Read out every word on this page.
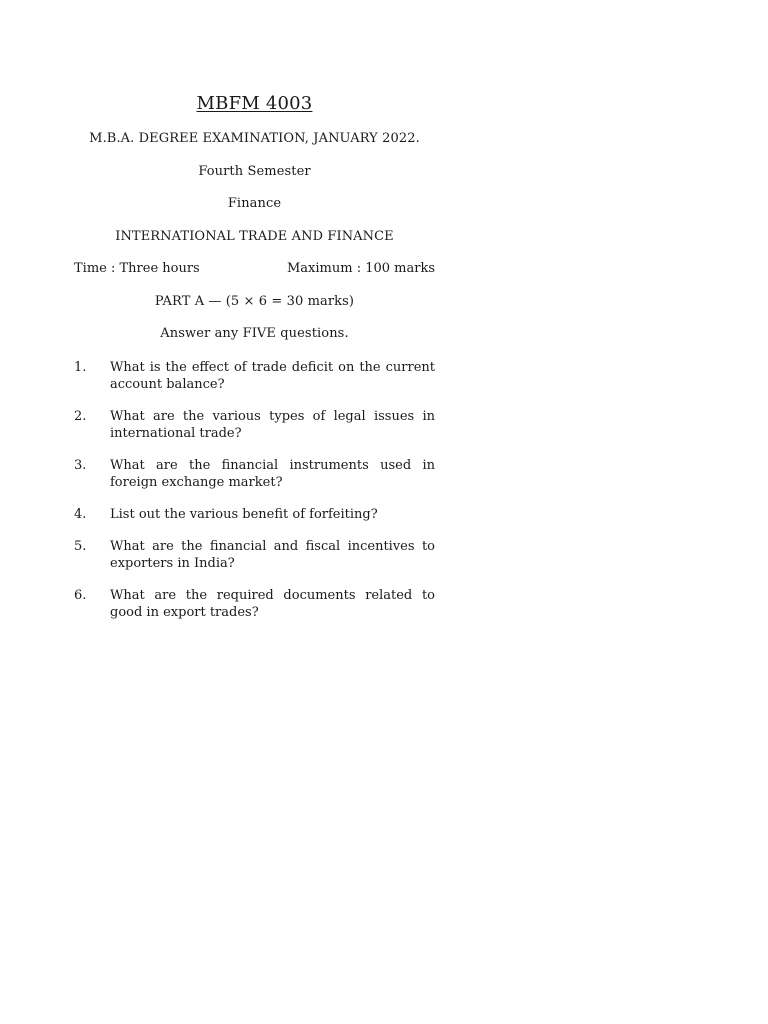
MBFM 4003
M.B.A. DEGREE EXAMINATION, JANUARY 2022.
Fourth Semester
Finance
INTERNATIONAL TRADE AND FINANCE
Time : Three hours	Maximum : 100 marks
PART A — (5 × 6 = 30 marks)
Answer any FIVE questions.
1.	What is the effect of trade deficit on the current account balance?
2.	What are the various types of legal issues in international trade?
3.	What are the financial instruments used in foreign exchange market?
4.	List out the various benefit of forfeiting?
5.	What are the financial and fiscal incentives to exporters in India?
6.	What are the required documents related to good in export trades?
